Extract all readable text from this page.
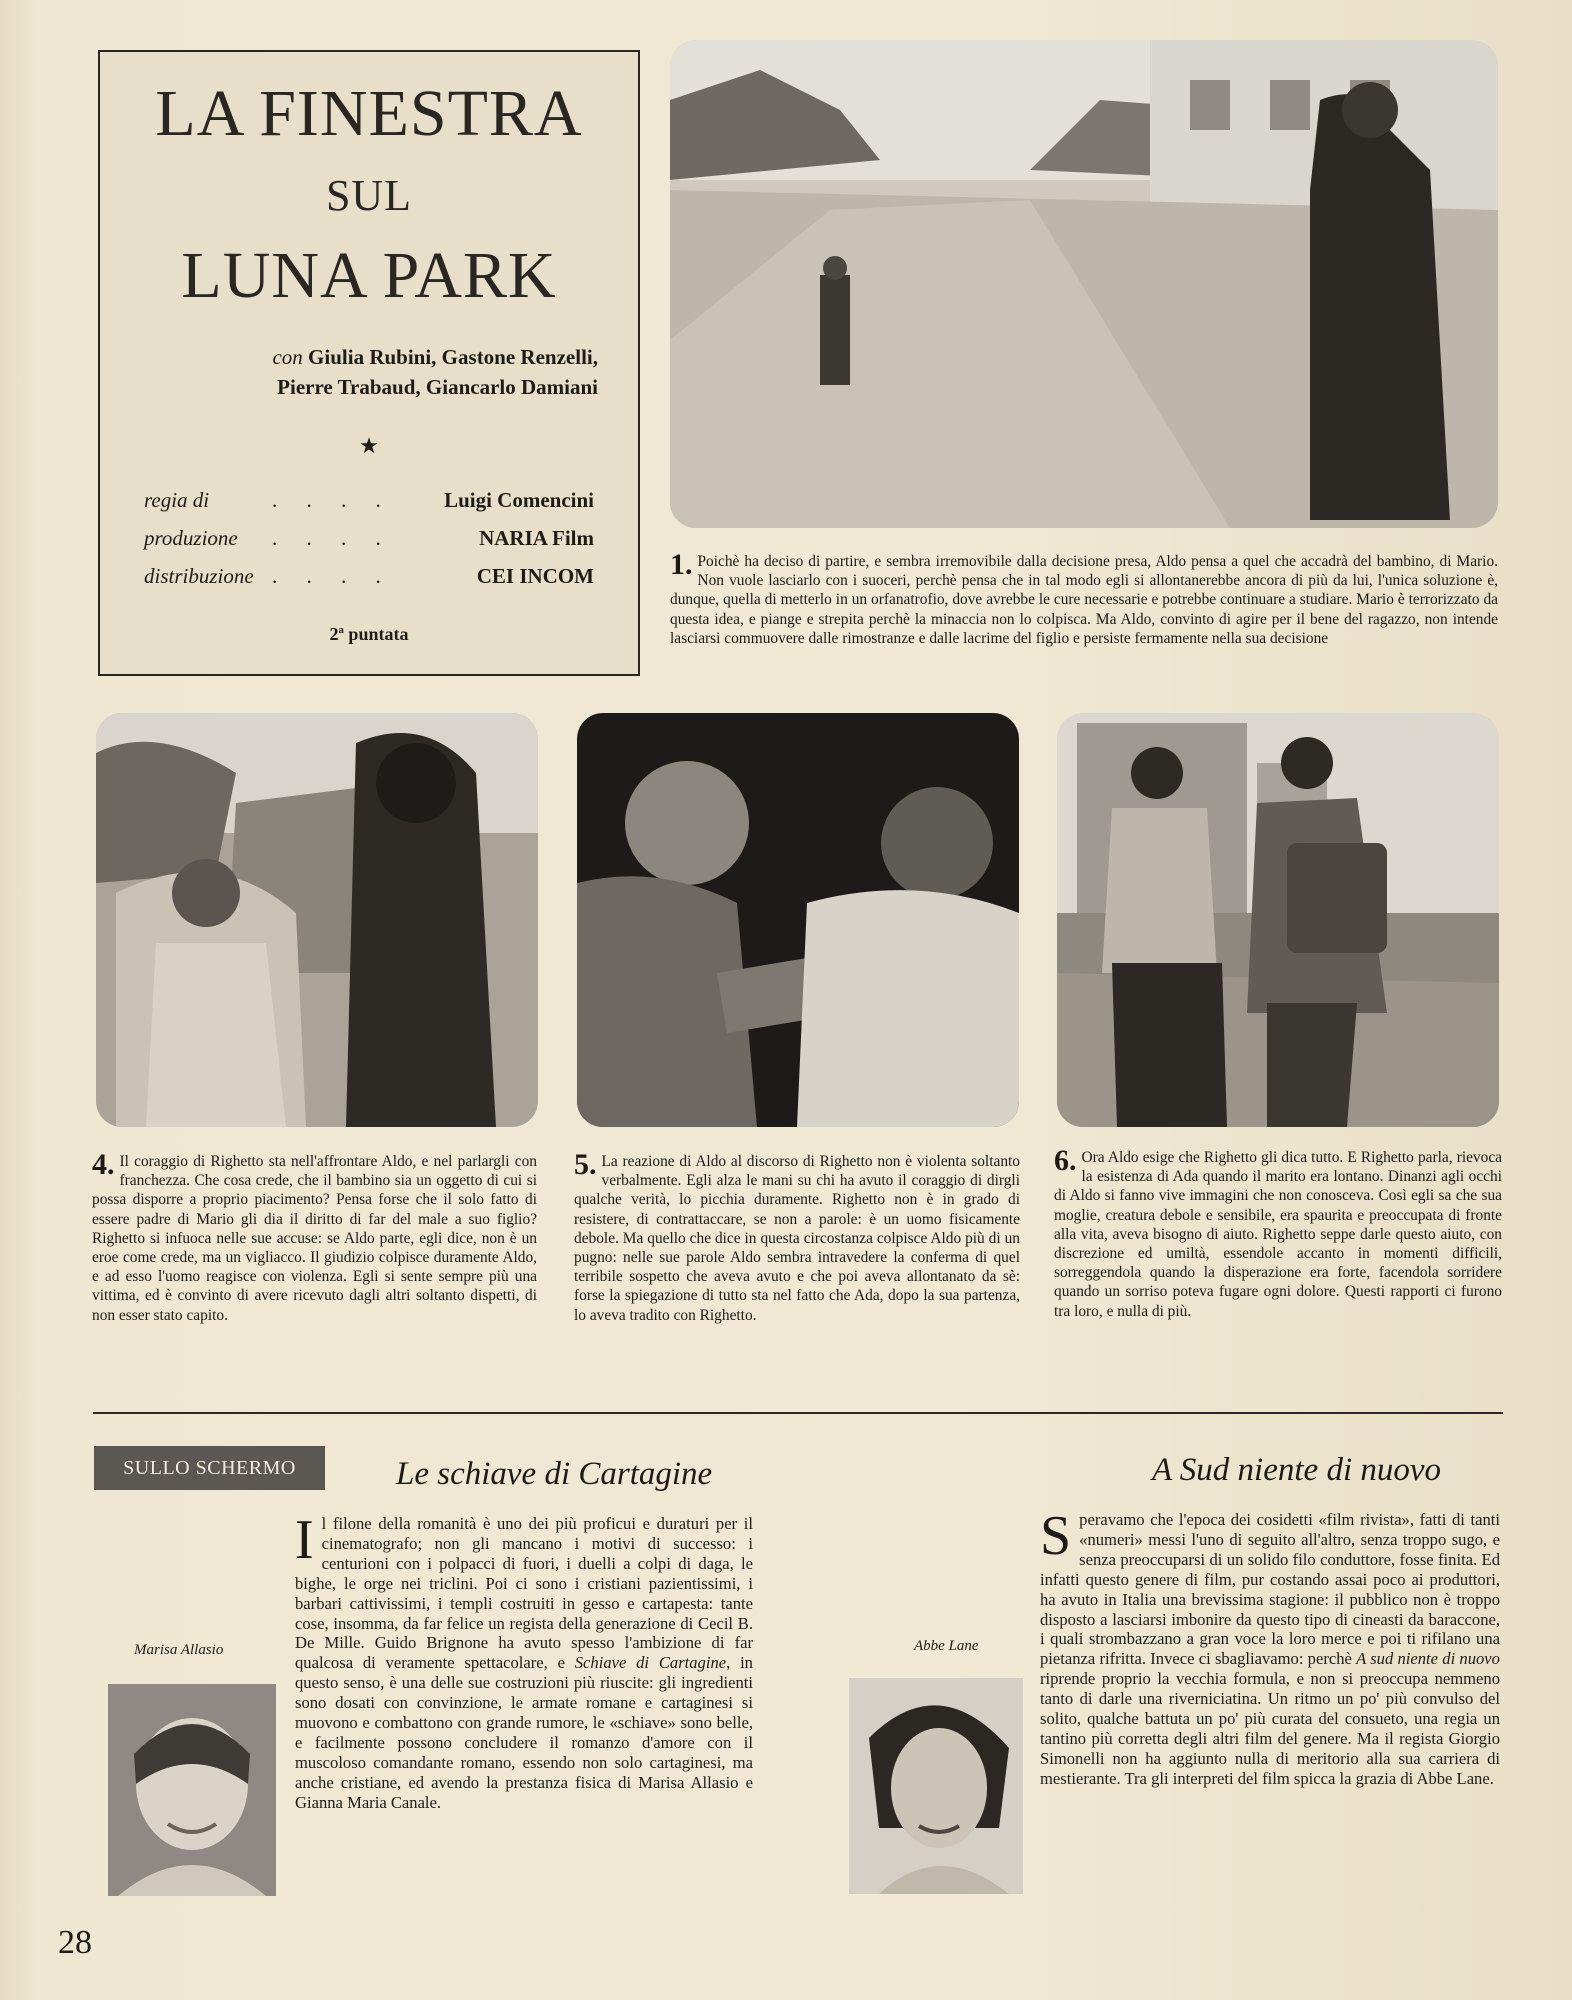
LA FINESTRA
SUL
LUNA PARK
con Giulia Rubini, Gastone Renzelli,
Pierre Trabaud, Giancarlo Damiani
★
regia di	. . . . Luigi Comencini
produzione . . . .	NARIA Film
distribuzione . . . .	CEI INCOM
2ª puntata
1. Poichè ha deciso di partire, e sembra irremovibile dalla decisione presa, Aldo pensa a quel che accadrà del bambino, di Mario. Non vuole lasciarlo con i suoceri, perchè pensa che in tal modo egli si allontanerebbe ancora di più da lui, l'unica soluzione è, dunque, quella di metterlo in un orfanatrofio, dove avrebbe le cure necessarie e potrebbe continuare a studiare. Mario è terrorizzato da questa idea, e piange e strepita perchè la minaccia non lo colpisca. Ma Aldo, convinto di agire per il bene del ragazzo, non intende lasciarsi commuovere dalle rimostranze e dalle lacrime del figlio e persiste fermamente nella sua decisione
4. Il coraggio di Righetto sta nell'affrontare Aldo, e nel parlargli con franchezza. Che cosa crede, che il bambino sia un oggetto di cui si possa disporre a proprio piacimento? Pensa forse che il solo fatto di essere padre di Mario gli dia il diritto di far del male a suo figlio? Righetto si infuoca nelle sue accuse: se Aldo parte, egli dice, non è un eroe come crede, ma un vigliacco. Il giudizio colpisce duramente Aldo, e ad esso l'uomo reagisce con violenza. Egli si sente sempre più una vittima, ed è convinto di avere ricevuto dagli altri soltanto dispetti, di non esser stato capito.
5. La reazione di Aldo al discorso di Righetto non è violenta soltanto verbalmente. Egli alza le mani su chi ha avuto il coraggio di dirgli qualche verità, lo picchia duramente. Righetto non è in grado di resistere, di contrattaccare, se non a parole: è un uomo fisicamente debole. Ma quello che dice in questa circostanza colpisce Aldo più di un pugno: nelle sue parole Aldo sembra intravedere la conferma di quel terribile sospetto che aveva avuto e che poi aveva allontanato da sè: forse la spiegazione di tutto sta nel fatto che Ada, dopo la sua partenza, lo aveva tradito con Righetto.
6. Ora Aldo esige che Righetto gli dica tutto. E Righetto parla, rievoca la esistenza di Ada quando il marito era lontano. Dinanzi agli occhi di Aldo si fanno vive immagini che non conosceva. Così egli sa che sua moglie, creatura debole e sensibile, era spaurita e preoccupata di fronte alla vita, aveva bisogno di aiuto. Righetto seppe darle questo aiuto, con discrezione ed umiltà, essendole accanto in momenti difficili, sorreggendola quando la disperazione era forte, facendola sorridere quando un sorriso poteva fugare ogni dolore. Questi rapporti ci furono tra loro, e nulla di più.
SULLO SCHERMO	Le schiave di Cartagine	A Sud niente di nuovo
Marisa Allasio
Il filone della romanità è uno dei più proficui e duraturi per il cinematografo; non gli mancano i motivi di successo: i centurioni con i polpacci di fuori, i duelli a colpi di daga, le bighe, le orge nei triclini. Poi ci sono i cristiani pazientissimi, i barbari cattivissimi, i templi costruiti in gesso e cartapesta: tante cose, insomma, da far felice un regista della generazione di Cecil B. De Mille. Guido Brignone ha avuto spesso l'ambizione di far qualcosa di veramente spettacolare, e Schiave di Cartagine, in questo senso, è una delle sue costruzioni più riuscite: gli ingredienti sono dosati con convinzione, le armate romane e cartaginesi si muovono e combattono con grande rumore, le «schiave» sono belle, e facilmente possono concludere il romanzo d'amore con il muscoloso comandante romano, essendo non solo cartaginesi, ma anche cristiane, ed avendo la prestanza fisica di Marisa Allasio e Gianna Maria Canale.
Abbe Lane
Speravamo che l'epoca dei cosidetti «film rivista», fatti di tanti «numeri» messi l'uno di seguito all'altro, senza troppo sugo, e senza preoccuparsi di un solido filo conduttore, fosse finita. Ed infatti questo genere di film, pur costando assai poco ai produttori, ha avuto in Italia una brevissima stagione: il pubblico non è troppo disposto a lasciarsi imbonire da questo tipo di cineasti da baraccone, i quali strombazzano a gran voce la loro merce e poi ti rifilano una pietanza rifritta. Invece ci sbagliavamo: perchè A sud niente di nuovo riprende proprio la vecchia formula, e non si preoccupa nemmeno tanto di darle una riverniciatina. Un ritmo un po' più convulso del solito, qualche battuta un po' più curata del consueto, una regia un tantino più corretta degli altri film del genere. Ma il regista Giorgio Simonelli non ha aggiunto nulla di meritorio alla sua carriera di mestierante. Tra gli interpreti del film spicca la grazia di Abbe Lane.
28
